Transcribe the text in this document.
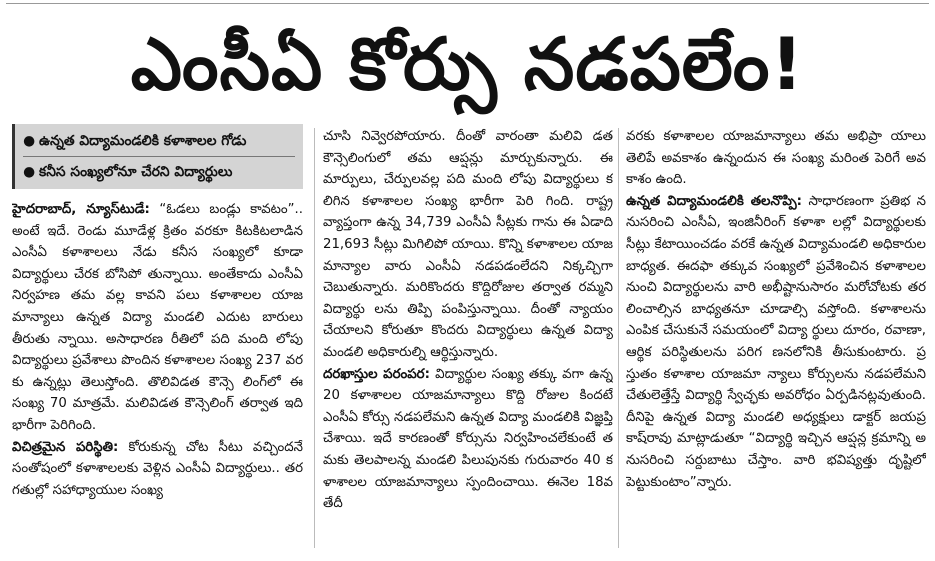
ఎంసీఏ కోర్సు నడపలేం!
● ఉన్నత విద్యామండలికి కళాశాలల గోడు
● కనీస సంఖ్యలోనూ చేరని విద్యార్థులు

హైదరాబాద్‌, న్యూస్‌టుడే: “ఓడలు బండ్లు కావటం”.. అంటే ఇదే. రెండు మూడేళ్ల క్రితం వరకూ కిటకిటలాడిన ఎంసీఏ కళాశాలలు నేడు కనీస సంఖ్యలో కూడా విద్యార్థులు చేరక బోసిపో తున్నాయి. అంతేకాదు ఎంసీఏ నిర్వహణ తమ వల్ల కావని పలు కళాశాలల యాజమాన్యాలు ఉన్నత విద్యా మండలి ఎదుట బారులు తీరుతు న్నాయి. అసాధారణ రీతిలో పది మంది లోపు విద్యార్థులు ప్రవేశాలు పొందిన కళాశాలల సంఖ్య 237 వరకు ఉన్నట్లు తెలుస్తోంది. తొలివిడత కౌన్సె లింగ్‌లో ఈ సంఖ్య 70 మాత్రమే. మలివిడత కౌన్సెలింగ్‌ తర్వాత ఇది భారీగా పెరిగింది.

విచిత్రమైన పరిస్థితి: కోరుకున్న చోట సీటు వచ్చిందనే సంతోషంలో కళాశాలలకు వెళ్లిన ఎంసీఏ విద్యార్థులు.. తరగతుల్లో సహాధ్యాయుల సంఖ్య

చూసి నివ్వెరపోయారు. దీంతో వారంతా మలివి డత కౌన్సెలింగులో తమ ఆప్షన్లు మార్చుకున్నారు. ఈ మార్పులు, చేర్పులవల్ల పది మంది లోపు విద్యార్థులు కలిగిన కళాశాలల సంఖ్య భారీగా పెరి గింది. రాష్ట్ర వ్యాప్తంగా ఉన్న 34,739 ఎంసీఏ సీట్లకు గాను ఈ ఏడాది 21,693 సీట్లు మిగిలిపో యాయి. కొన్ని కళాశాలల యాజమాన్యాల వారు ఎంసీఏ నడపడంలేదని నిక్కచ్చిగా చెబుతున్నారు. మరికొందరు కొద్దిరోజుల తర్వాత రమ్మని విద్యార్థు లను తిప్పి పంపిస్తున్నాయి. దీంతో న్యాయం చేయాలని కోరుతూ కొందరు విద్యార్థులు ఉన్నత విద్యా మండలి అధికారుల్ని ఆర్థిస్తున్నారు.

దరఖాస్తుల పరంపర: విద్యార్థుల సంఖ్య తక్కు వగా ఉన్న 20 కళాశాలల యాజమాన్యాలు కొద్ది రోజుల కిందటే ఎంసీఏ కోర్సు నడపలేమని ఉన్నత విద్యా మండలికి విజ్ఞప్తి చేశాయి. ఇదే కారణంతో కోర్సును నిర్వహించలేకుంటే తమకు తెలపాలన్న మండలి పిలుపునకు గురువారం 40 కళాశాలల యాజమాన్యాలు స్పందించాయి. ఈనెల 18వ తేదీ

వరకు కళాశాలల యాజమాన్యాలు తమ అభిప్రా యాలు తెలిపే అవకాశం ఉన్నందున ఈ సంఖ్య మరింత పెరిగే అవకాశం ఉంది.

ఉన్నత విద్యామండలికి తలనొప్పి: సాధారణంగా ప్రతిభ ననుసరించి ఎంసీఏ, ఇంజినీరింగ్‌ కళాశా లల్లో విద్యార్థులకు సీట్లు కేటాయించడం వరకే ఉన్నత విద్యామండలి అధికారుల బాధ్యత. ఈదఫా తక్కువ సంఖ్యలో ప్రవేశించిన కళాశాలల నుంచి విద్యార్థులను వారి అభీష్టానుసారం మరోచోటకు తరలించాల్సిన బాధ్యతనూ చూడాల్సి వస్తోంది. కళాశాలను ఎంపిక చేసుకునే సమయంలో విద్యా ర్థులు దూరం, రవాణా, ఆర్థిక పరిస్థితులను పరిగ ణనలోనికి తీసుకుంటారు. ప్రస్తుతం కళాశాల యాజమా న్యాలు కోర్సులను నడపలేమని చేతులెత్తేస్తే విద్యార్థి స్వేచ్ఛకు అవరోధం ఏర్పడినట్లవుతుంది. దీనిపై ఉన్నత విద్యా మండలి అధ్యక్షులు డాక్టర్‌ జయప్ర కాష్‌రావు మాట్లాడుతూ “విద్యార్థి ఇచ్చిన ఆప్షన్ల క్రమాన్ని అనుసరించి సర్దుబాటు చేస్తాం. వారి భవిష్యత్తు దృష్టిలో పెట్టుకుంటాం”న్నారు.
